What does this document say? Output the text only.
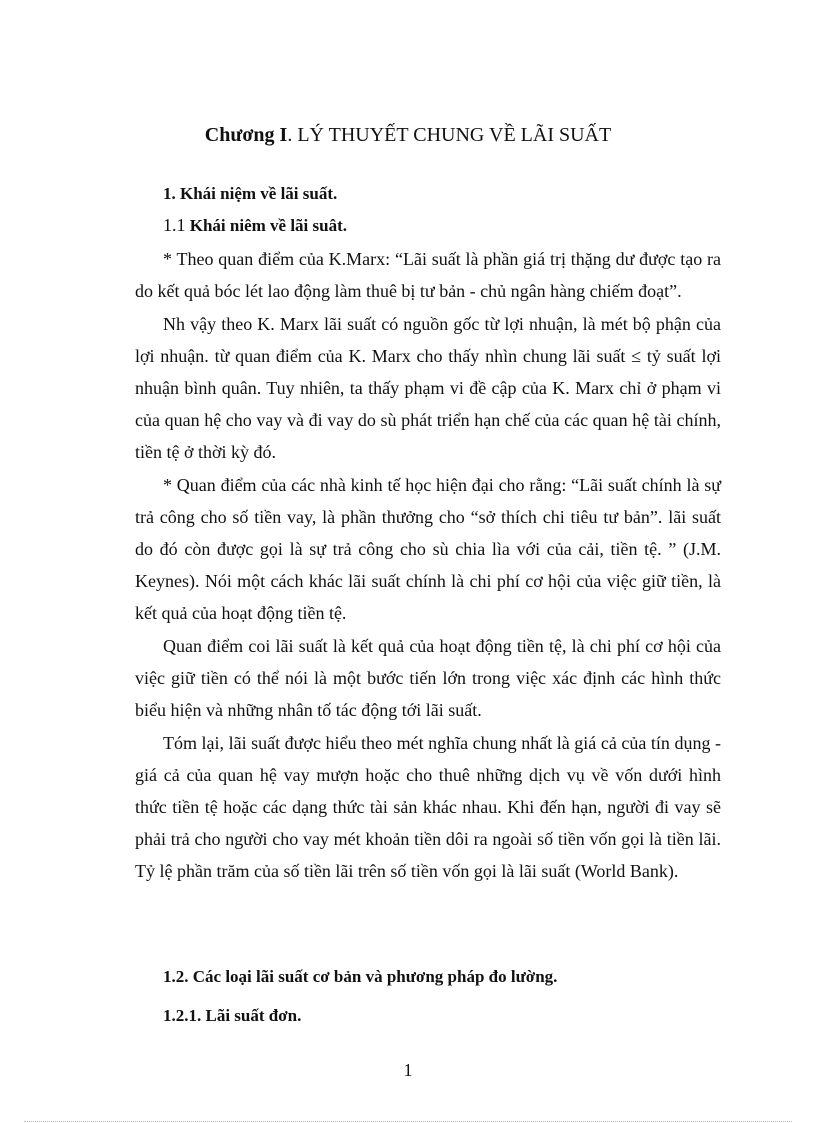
Chương I. LÝ THUYẾT CHUNG VỀ LÃI SUẤT
1. Khái niệm về lãi suất.
1.1 Khái niêm về lãi suât.

* Theo quan điểm của K.Marx: “Lãi suất là phần giá trị thặng dư được tạo ra do kết quả bóc lét lao động làm thuê bị tư bản - chủ ngân hàng chiếm đoạt”.

Nh vậy theo K. Marx lãi suất có nguồn gốc từ lợi nhuận, là mét bộ phận của lợi nhuận. từ quan điểm của K. Marx cho thấy nhìn chung lãi suất ≤ tỷ suất lợi nhuận bình quân. Tuy nhiên, ta thấy phạm vi đề cập của K. Marx chỉ ở phạm vi của quan hệ cho vay và đi vay do sù phát triển hạn chế của các quan hệ tài chính, tiền tệ ở thời kỳ đó.

* Quan điểm của các nhà kinh tế học hiện đại cho rằng: “Lãi suất chính là sự trả công cho số tiền vay, là phần thưởng cho “sở thích chi tiêu tư bản”. lãi suất do đó còn được gọi là sự trả công cho sù chia lìa với của cải, tiền tệ. ” (J.M. Keynes). Nói một cách khác lãi suất chính là chi phí cơ hội của việc giữ tiền, là kết quả của hoạt động tiền tệ.

Quan điểm coi lãi suất là kết quả của hoạt động tiền tệ, là chi phí cơ hội của việc giữ tiền có thể nói là một bước tiến lớn trong việc xác định các hình thức biểu hiện và những nhân tố tác động tới lãi suất.

Tóm lại, lãi suất được hiểu theo mét nghĩa chung nhất là giá cả của tín dụng - giá cả của quan hệ vay mượn hoặc cho thuê những dịch vụ về vốn dưới hình thức tiền tệ hoặc các dạng thức tài sản khác nhau. Khi đến hạn, người đi vay sẽ phải trả cho người cho vay mét khoản tiền dôi ra ngoài số tiền vốn gọi là tiền lãi. Tỷ lệ phần trăm của số tiền lãi trên số tiền vốn gọi là lãi suất (World Bank).

1.2. Các loại lãi suất cơ bản và phương pháp đo lường.
1.2.1. Lãi suất đơn.
1
